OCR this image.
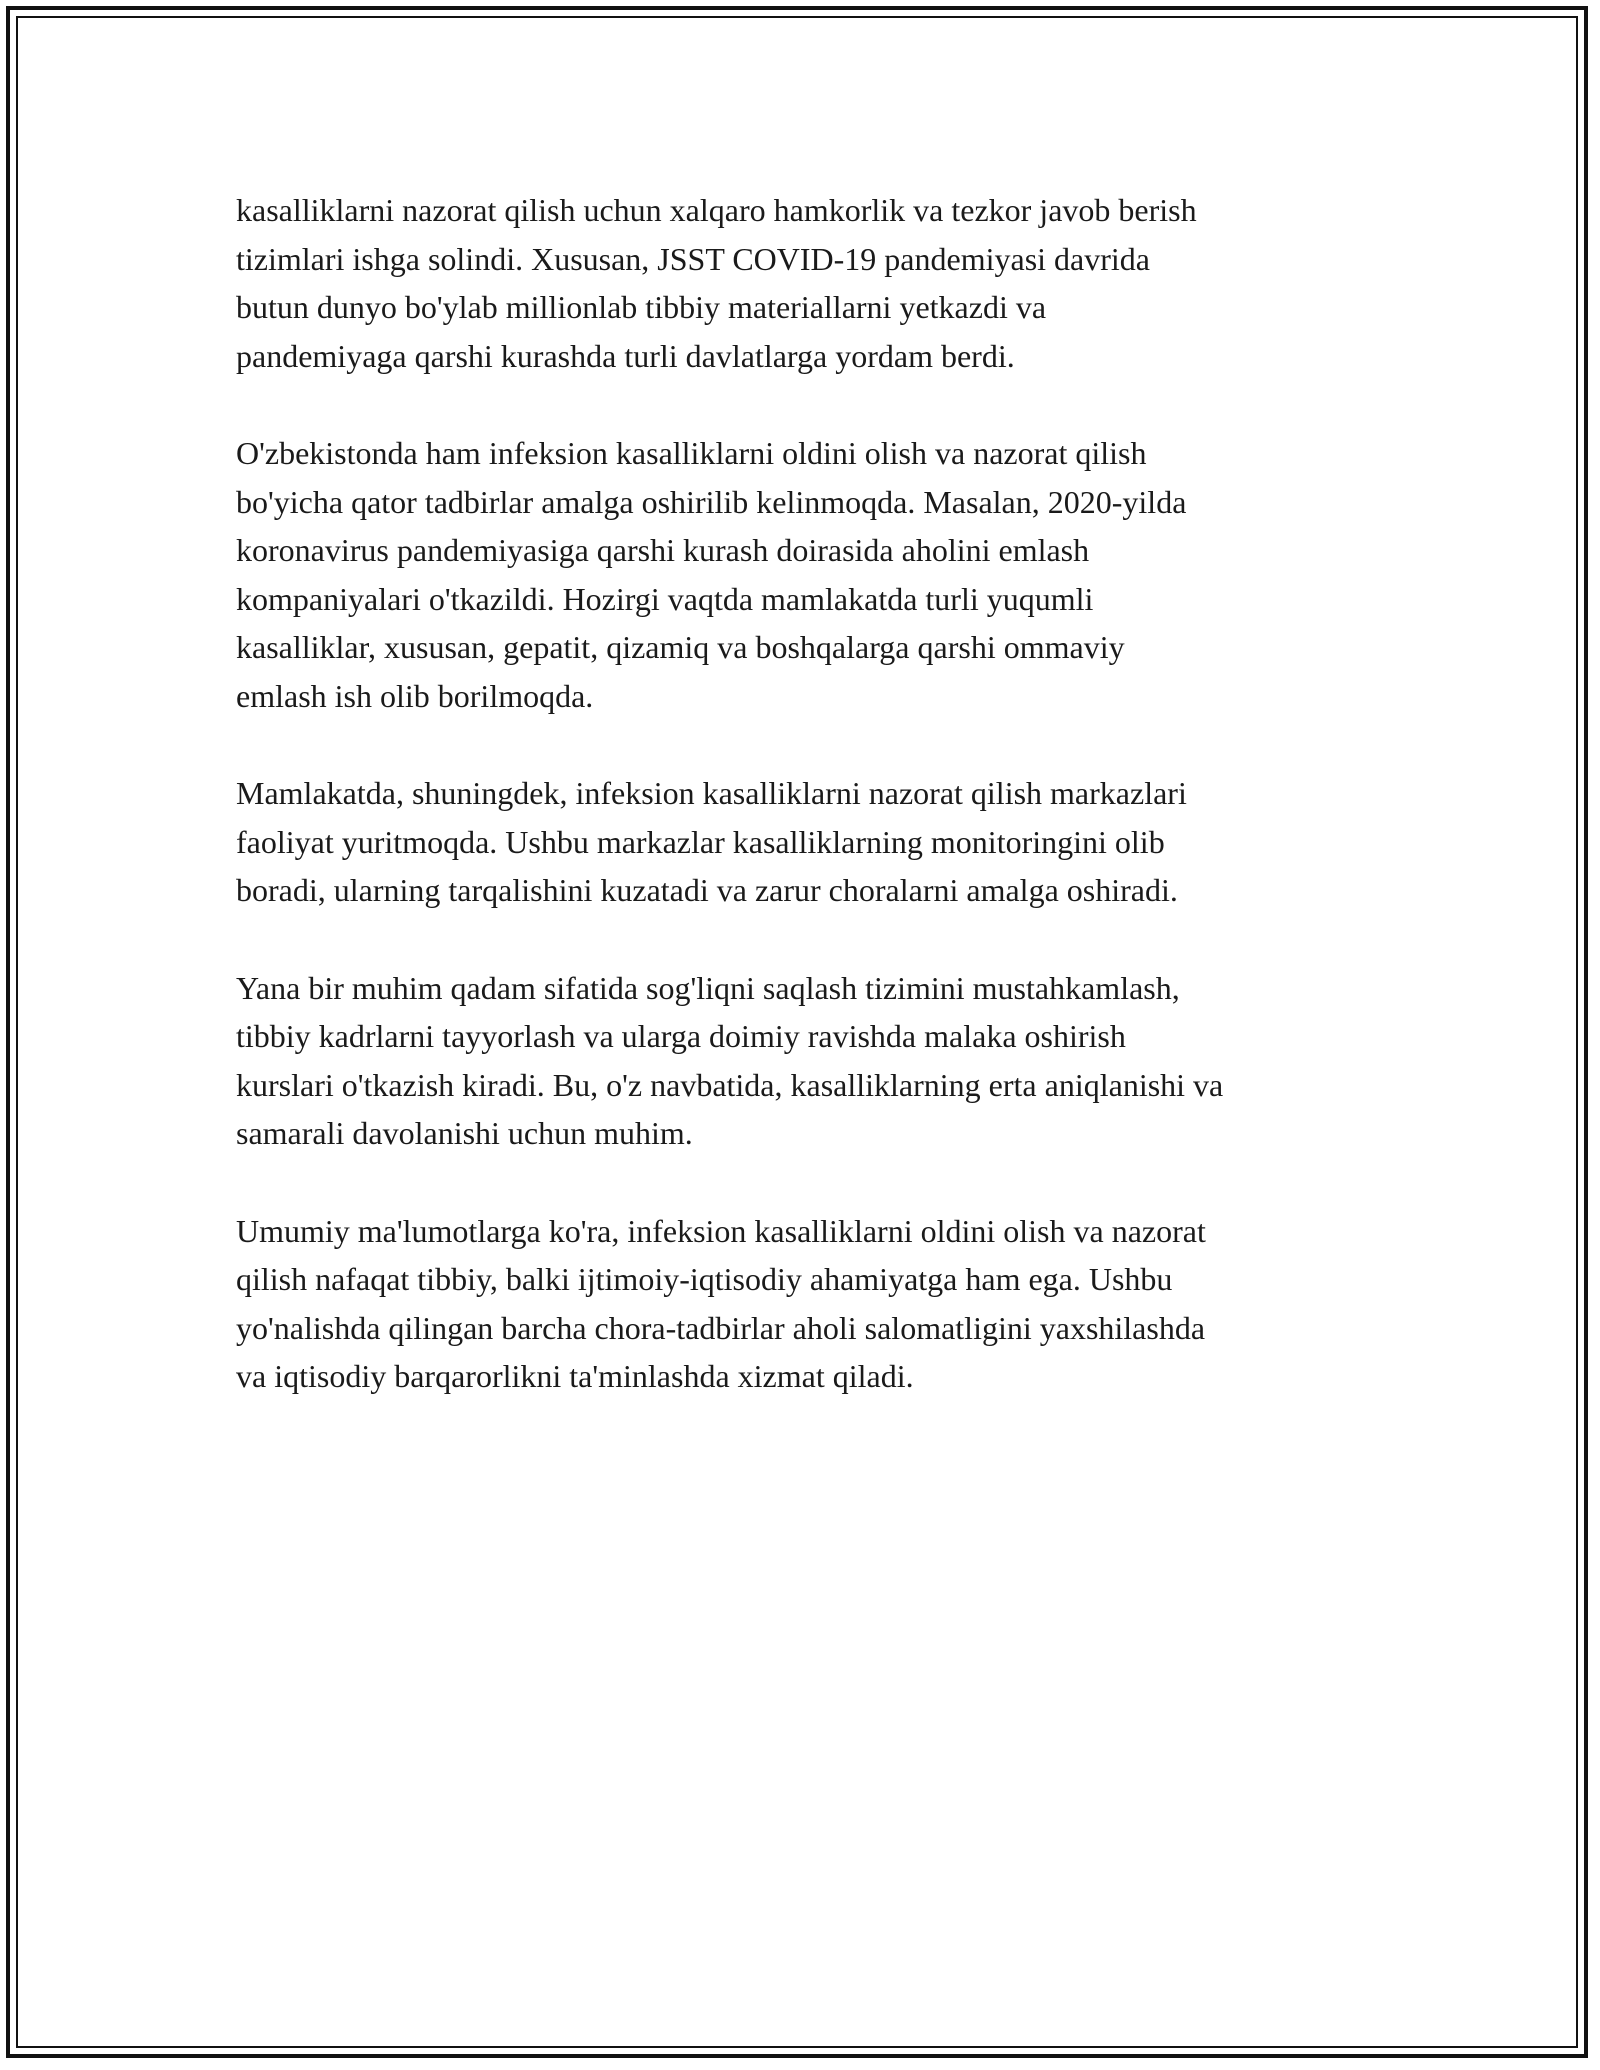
kasalliklarni nazorat qilish uchun xalqaro hamkorlik va tezkor javob berish
tizimlari ishga solindi. Xususan, JSST COVID-19 pandemiyasi davrida
butun dunyo bo'ylab millionlab tibbiy materiallarni yetkazdi va
pandemiyaga qarshi kurashda turli davlatlarga yordam berdi.

O'zbekistonda ham infeksion kasalliklarni oldini olish va nazorat qilish
bo'yicha qator tadbirlar amalga oshirilib kelinmoqda. Masalan, 2020-yilda
koronavirus pandemiyasiga qarshi kurash doirasida aholini emlash
kompaniyalari o'tkazildi. Hozirgi vaqtda mamlakatda turli yuqumli
kasalliklar, xususan, gepatit, qizamiq va boshqalarga qarshi ommaviy
emlash ish olib borilmoqda.

Mamlakatda, shuningdek, infeksion kasalliklarni nazorat qilish markazlari
faoliyat yuritmoqda. Ushbu markazlar kasalliklarning monitoringini olib
boradi, ularning tarqalishini kuzatadi va zarur choralarni amalga oshiradi.

Yana bir muhim qadam sifatida sog'liqni saqlash tizimini mustahkamlash,
tibbiy kadrlarni tayyorlash va ularga doimiy ravishda malaka oshirish
kurslari o'tkazish kiradi. Bu, o'z navbatida, kasalliklarning erta aniqlanishi va
samarali davolanishi uchun muhim.

Umumiy ma'lumotlarga ko'ra, infeksion kasalliklarni oldini olish va nazorat
qilish nafaqat tibbiy, balki ijtimoiy-iqtisodiy ahamiyatga ham ega. Ushbu
yo'nalishda qilingan barcha chora-tadbirlar aholi salomatligini yaxshilashda
va iqtisodiy barqarorlikni ta'minlashda xizmat qiladi.
